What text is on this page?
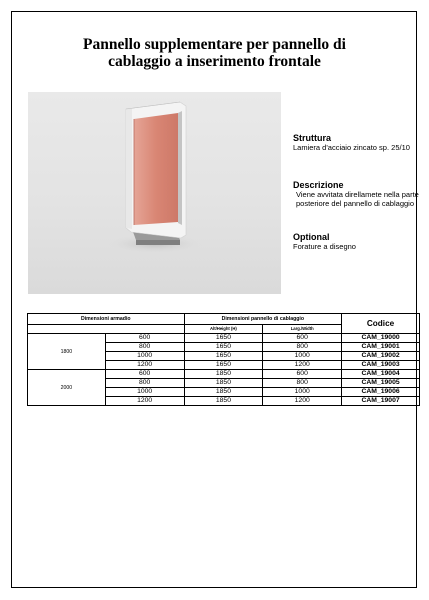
Pannello supplementare per pannello di
cablaggio a inserimento frontale
Struttura
Lamiera d'acciaio zincato sp. 25/10
Descrizione
Viene avvitata direllamete nella parte
posteriore del pannello di cablaggio
Optional
Forature a disegno
Dimensioni armadio		Dimensioni pannello di cablaggio		Codice
		Alt/Height (H)	Larg./Width	
1800	600	1650	600	CAM_19000
	800	1650	800	CAM_19001
	1000	1650	1000	CAM_19002
	1200	1650	1200	CAM_19003
2000	600	1850	600	CAM_19004
	800	1850	800	CAM_19005
	1000	1850	1000	CAM_19006
	1200	1850	1200	CAM_19007
